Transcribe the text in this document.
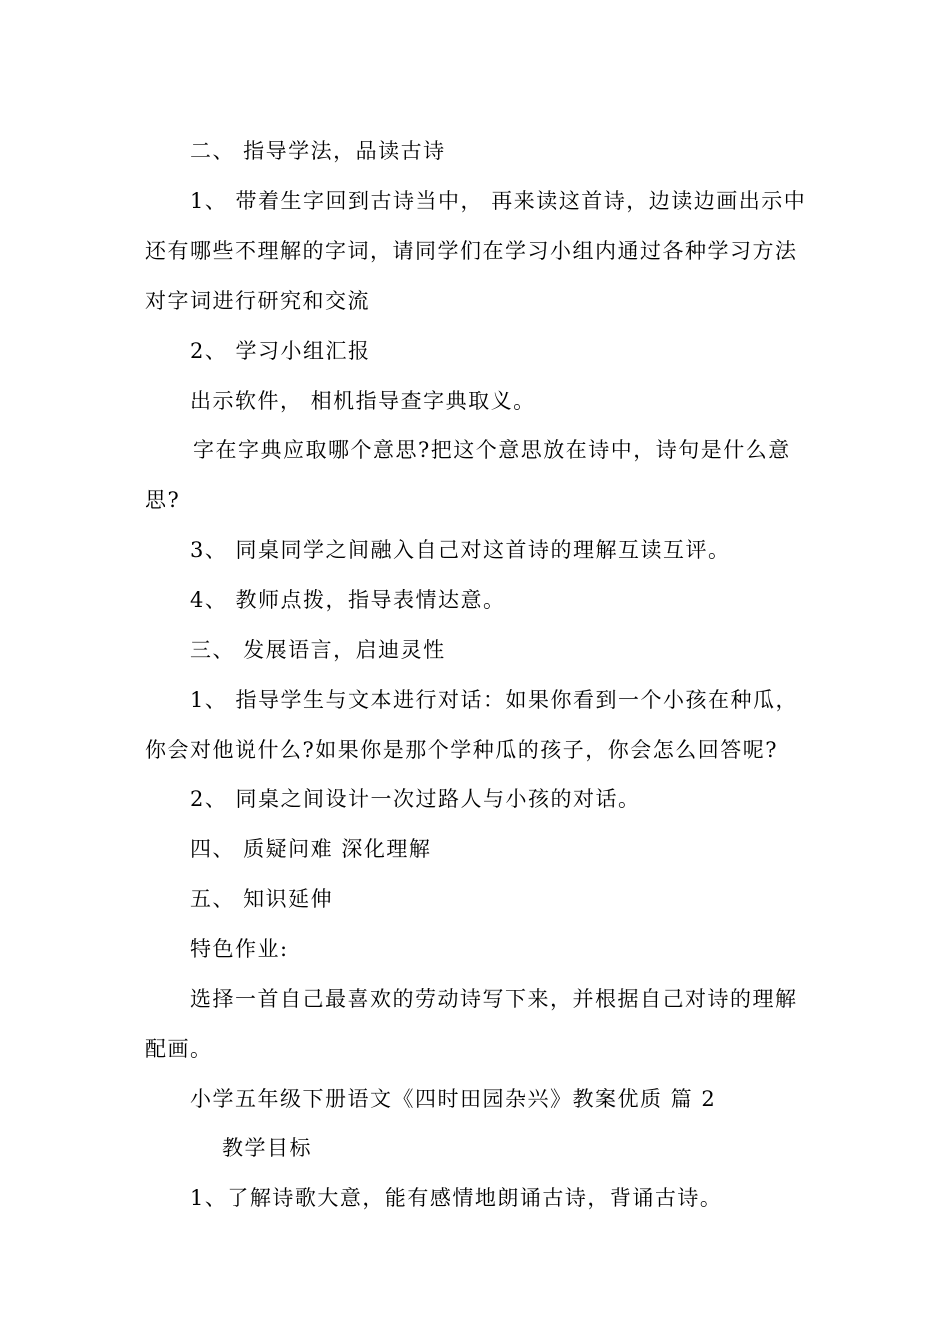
二、 指导学法，品读古诗
1、 带着生字回到古诗当中， 再来读这首诗，边读边画出示中
还有哪些不理解的字词，请同学们在学习小组内通过各种学习方法
对字词进行研究和交流
2、 学习小组汇报
出示软件， 相机指导查字典取义。
字在字典应取哪个意思?把这个意思放在诗中，诗句是什么意
思?
3、 同桌同学之间融入自己对这首诗的理解互读互评。
4、 教师点拨，指导表情达意。
三、 发展语言，启迪灵性
1、 指导学生与文本进行对话：如果你看到一个小孩在种瓜，
你会对他说什么?如果你是那个学种瓜的孩子，你会怎么回答呢?
2、 同桌之间设计一次过路人与小孩的对话。
四、 质疑问难 深化理解
五、 知识延伸
特色作业:
选择一首自己最喜欢的劳动诗写下来，并根据自己对诗的理解
配画。
小学五年级下册语文《四时田园杂兴》教案优质 篇 2
教学目标
1、了解诗歌大意，能有感情地朗诵古诗，背诵古诗。
